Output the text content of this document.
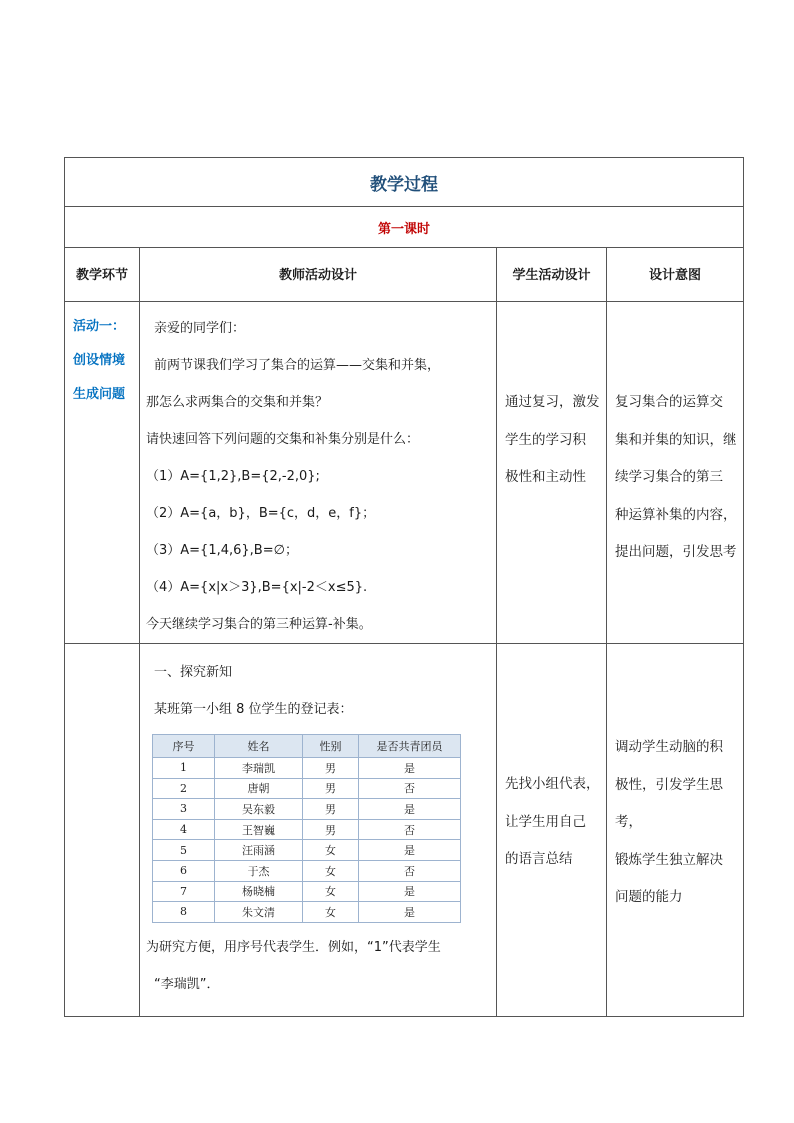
教学过程
第一课时
教学环节	教师活动设计	学生活动设计	设计意图

活动一：
创设情境
生成问题

亲爱的同学们：
前两节课我们学习了集合的运算——交集和并集，
那怎么求两集合的交集和并集？
请快速回答下列问题的交集和补集分别是什么：
（1）A={1,2},B={2,-2,0};
（2）A={a，b}，B={c，d，e，f}；
（3）A={1,4,6},B=∅；
（4）A={x|x＞3},B={x|-2＜x≤5}.
今天继续学习集合的第三种运算-补集。

通过复习，激发
学生的学习积
极性和主动性

复习集合的运算交
集和并集的知识，继
续学习集合的第三
种运算补集的内容，
提出问题，引发思考

一、探究新知
某班第一小组 8 位学生的登记表：
序号	姓名	性别	是否共青团员
1	李瑞凯	男	是
2	唐朝	男	否
3	吴东毅	男	是
4	王智巍	男	否
5	汪雨涵	女	是
6	于杰	女	否
7	杨晓楠	女	是
8	朱文清	女	是
为研究方便，用序号代表学生．例如，“1”代表学生
“李瑞凯”．

先找小组代表，
让学生用自己
的语言总结

调动学生动脑的积
极性，引发学生思考，
锻炼学生独立解决
问题的能力
